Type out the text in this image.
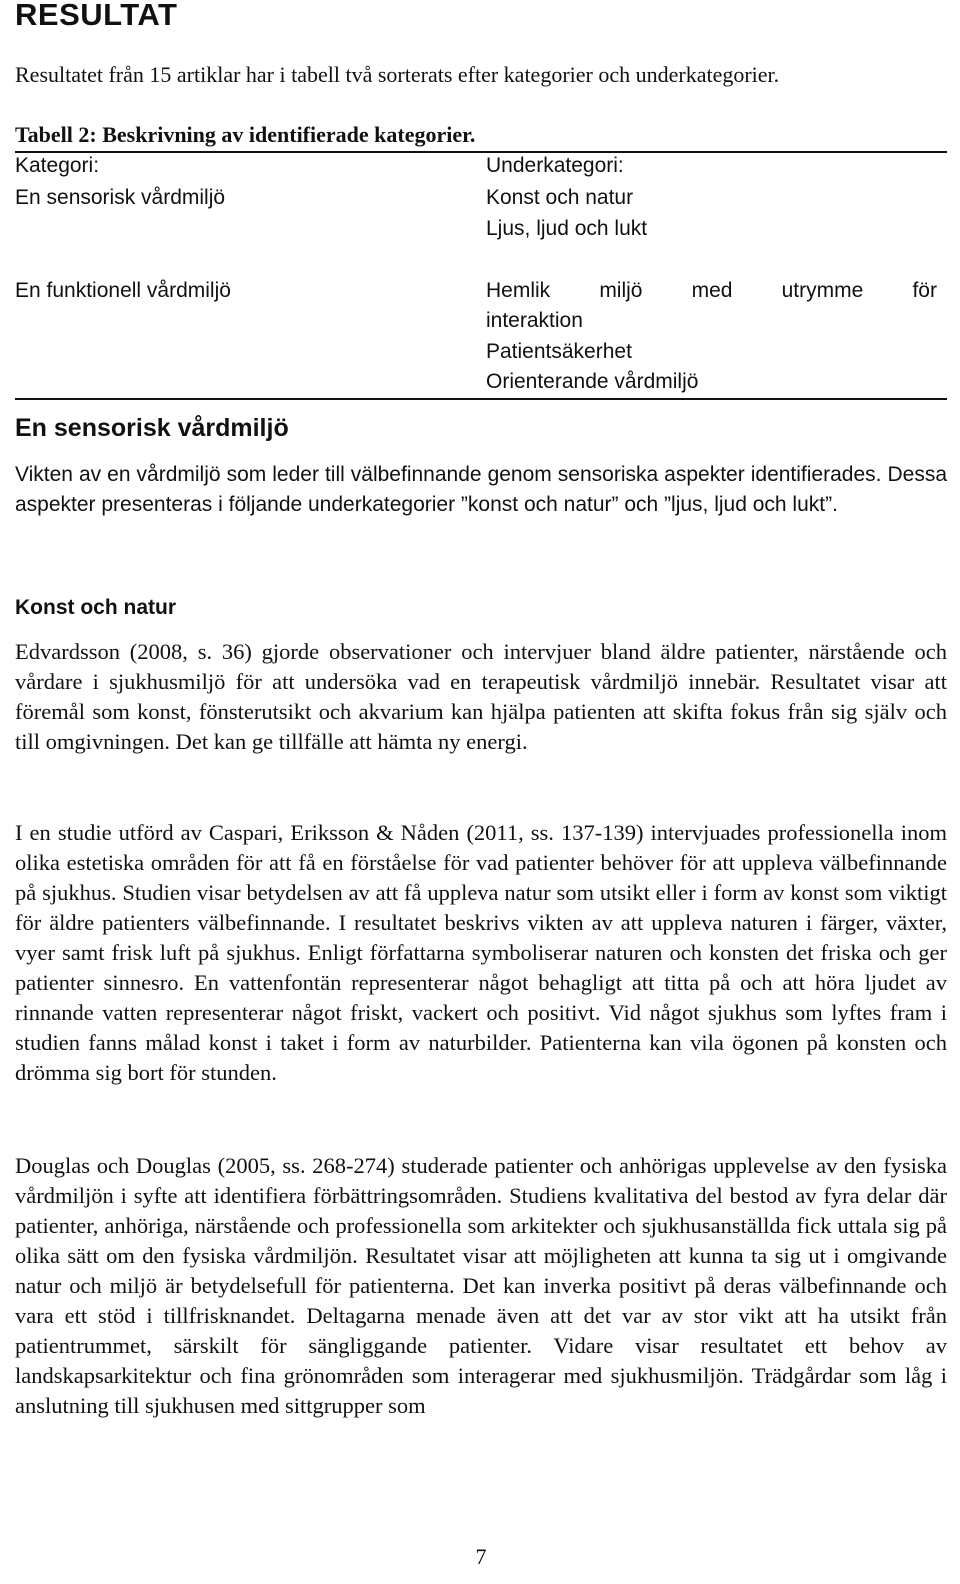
RESULTAT

Resultatet från 15 artiklar har i tabell två sorterats efter kategorier och underkategorier.

Tabell 2: Beskrivning av identifierade kategorier.

Kategori:	Underkategori:
En sensorisk vårdmiljö	Konst och natur
Ljus, ljud och lukt
En funktionell vårdmiljö	Hemlik miljö med utrymme för
interaktion
Patientsäkerhet
Orienterande vårdmiljö
En sensorisk vårdmiljö

Vikten av en vårdmiljö som leder till välbefinnande genom sensoriska aspekter identifierades. Dessa aspekter presenteras i följande underkategorier ”konst och natur” och ”ljus, ljud och lukt”.

Konst och natur

Edvardsson (2008, s. 36) gjorde observationer och intervjuer bland äldre patienter, närstående och vårdare i sjukhusmiljö för att undersöka vad en terapeutisk vårdmiljö innebär. Resultatet visar att föremål som konst, fönsterutsikt och akvarium kan hjälpa patienten att skifta fokus från sig själv och till omgivningen. Det kan ge tillfälle att hämta ny energi.

I en studie utförd av Caspari, Eriksson & Nåden (2011, ss. 137-139) intervjuades professionella inom olika estetiska områden för att få en förståelse för vad patienter behöver för att uppleva välbefinnande på sjukhus. Studien visar betydelsen av att få uppleva natur som utsikt eller i form av konst som viktigt för äldre patienters välbefinnande. I resultatet beskrivs vikten av att uppleva naturen i färger, växter, vyer samt frisk luft på sjukhus. Enligt författarna symboliserar naturen och konsten det friska och ger patienter sinnesro. En vattenfontän representerar något behagligt att titta på och att höra ljudet av rinnande vatten representerar något friskt, vackert och positivt. Vid något sjukhus som lyftes fram i studien fanns målad konst i taket i form av naturbilder. Patienterna kan vila ögonen på konsten och drömma sig bort för stunden.

Douglas och Douglas (2005, ss. 268-274) studerade patienter och anhörigas upplevelse av den fysiska vårdmiljön i syfte att identifiera förbättringsområden. Studiens kvalitativa del bestod av fyra delar där patienter, anhöriga, närstående och professionella som arkitekter och sjukhusanställda fick uttala sig på olika sätt om den fysiska vårdmiljön. Resultatet visar att möjligheten att kunna ta sig ut i omgivande natur och miljö är betydelsefull för patienterna. Det kan inverka positivt på deras välbefinnande och vara ett stöd i tillfrisknandet. Deltagarna menade även att det var av stor vikt att ha utsikt från patientrummet, särskilt för sängliggande patienter. Vidare visar resultatet ett behov av landskapsarkitektur och fina grönområden som interagerar med sjukhusmiljön. Trädgårdar som låg i anslutning till sjukhusen med sittgrupper som

7
